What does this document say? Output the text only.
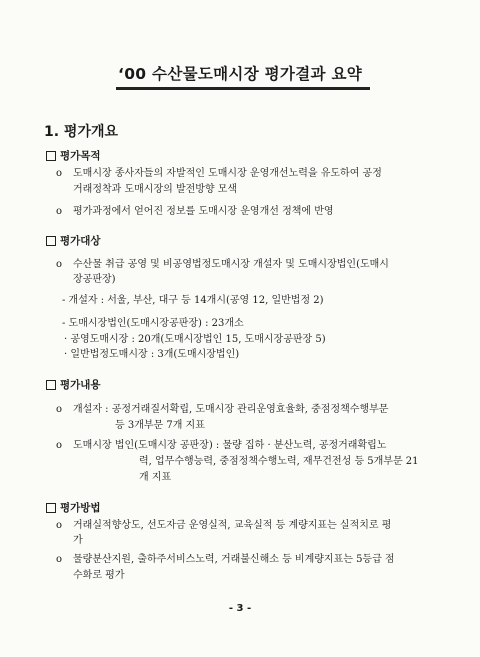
‘00 수산물도매시장 평가결과 요약
1. 평가개요
평가목적
o 도매시장 종사자들의 자발적인 도매시장 운영개선노력을 유도하여 공정
거래정착과 도매시장의 발전방향 모색
o 평가과정에서 얻어진 정보를 도매시장 운영개선 정책에 반영
평가대상
o 수산물 취급 공영 및 비공영법정도매시장 개설자 및 도매시장법인(도매시
장공판장)
- 개설자 : 서울, 부산, 대구 등 14개시(공영 12, 일반법정 2)
- 도매시장법인(도매시장공판장) : 23개소
· 공영도매시장 : 20개(도매시장법인 15, 도매시장공판장 5)
· 일반법정도매시장 : 3개(도매시장법인)
평가내용
o 개설자 : 공정거래질서확립, 도매시장 관리운영효율화, 중점정책수행부문
등 3개부문 7개 지표
o 도매시장 법인(도매시장 공판장) : 물량 집하 · 분산노력, 공정거래확립노
력, 업무수행능력, 중점정책수행노력, 재무건전성 등 5개부문 21
개 지표
평가방법
o 거래실적향상도, 선도자금 운영실적, 교육실적 등 계량지표는 실적치로 평
가
o 물량분산지원, 출하주서비스노력, 거래불신해소 등 비계량지표는 5등급 점
수화로 평가
- 3 -
